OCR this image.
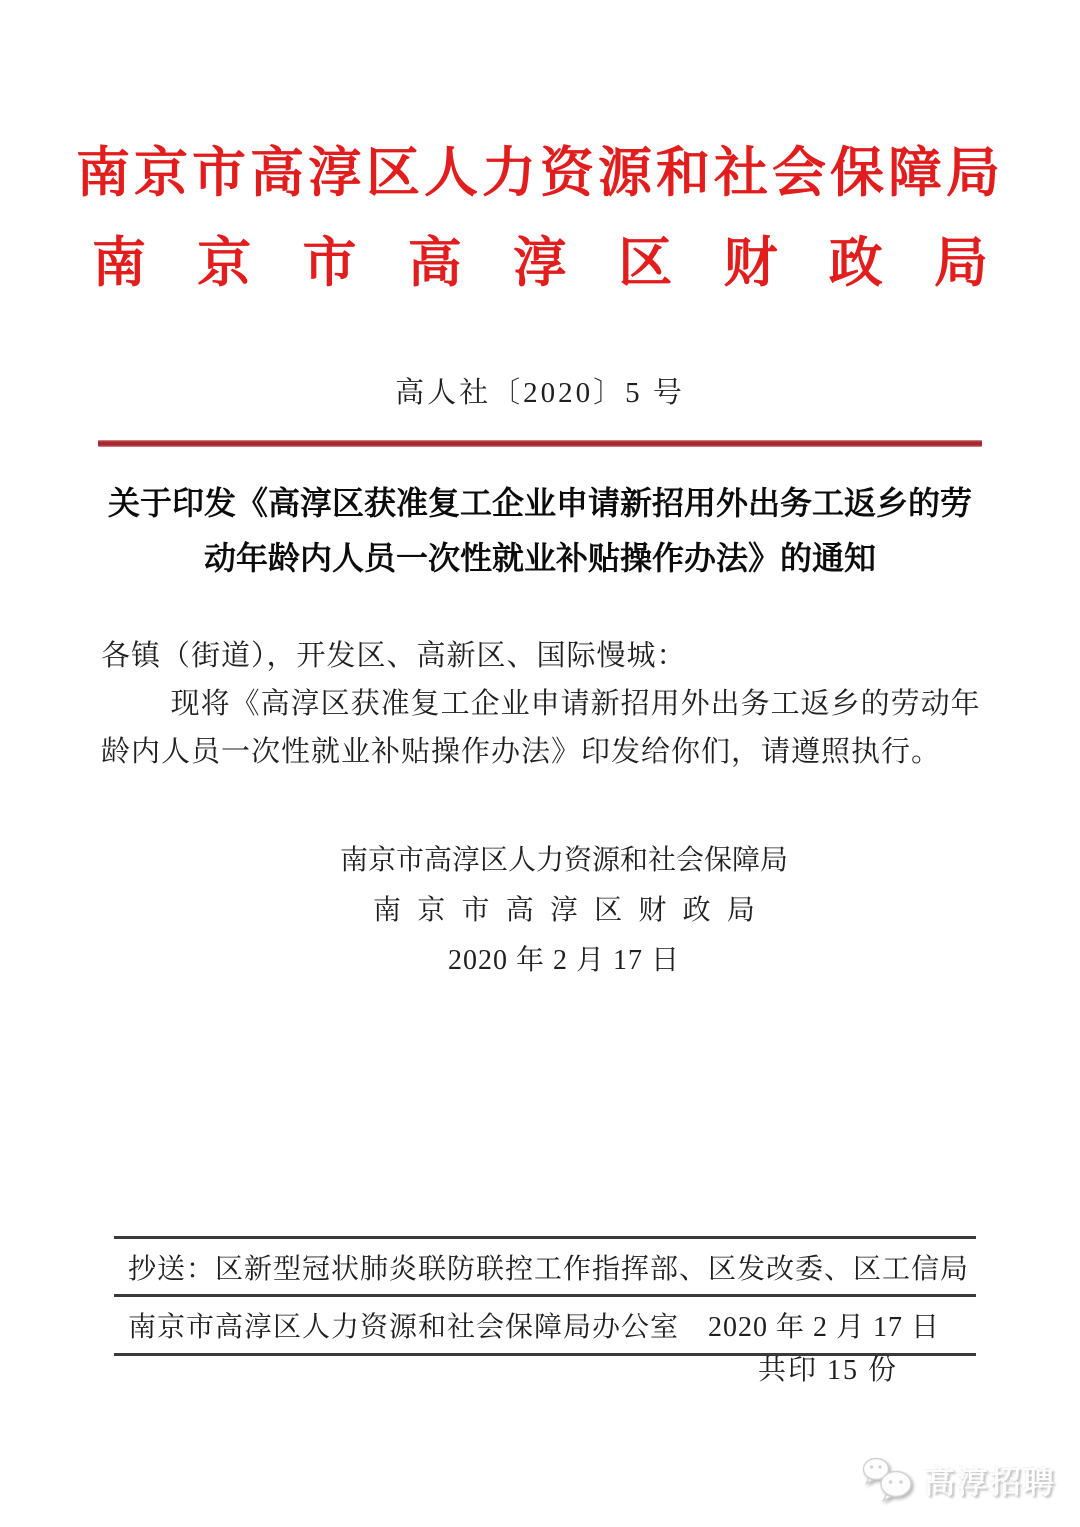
南京市高淳区人力资源和社会保障局
南 京 市 高 淳 区 财 政 局
高人社〔2020〕5 号
关于印发《高淳区获准复工企业申请新招用外出务工返乡的劳
动年龄内人员一次性就业补贴操作办法》的通知
各镇（街道），开发区、高新区、国际慢城：
现将《高淳区获准复工企业申请新招用外出务工返乡的劳动年
龄内人员一次性就业补贴操作办法》印发给你们，请遵照执行。
南京市高淳区人力资源和社会保障局
南 京 市 高 淳 区 财 政 局
2020 年 2 月 17 日
抄送：区新型冠状肺炎联防联控工作指挥部、区发改委、区工信局
南京市高淳区人力资源和社会保障局办公室 2020 年 2 月 17 日
共印 15 份
高淳招聘
